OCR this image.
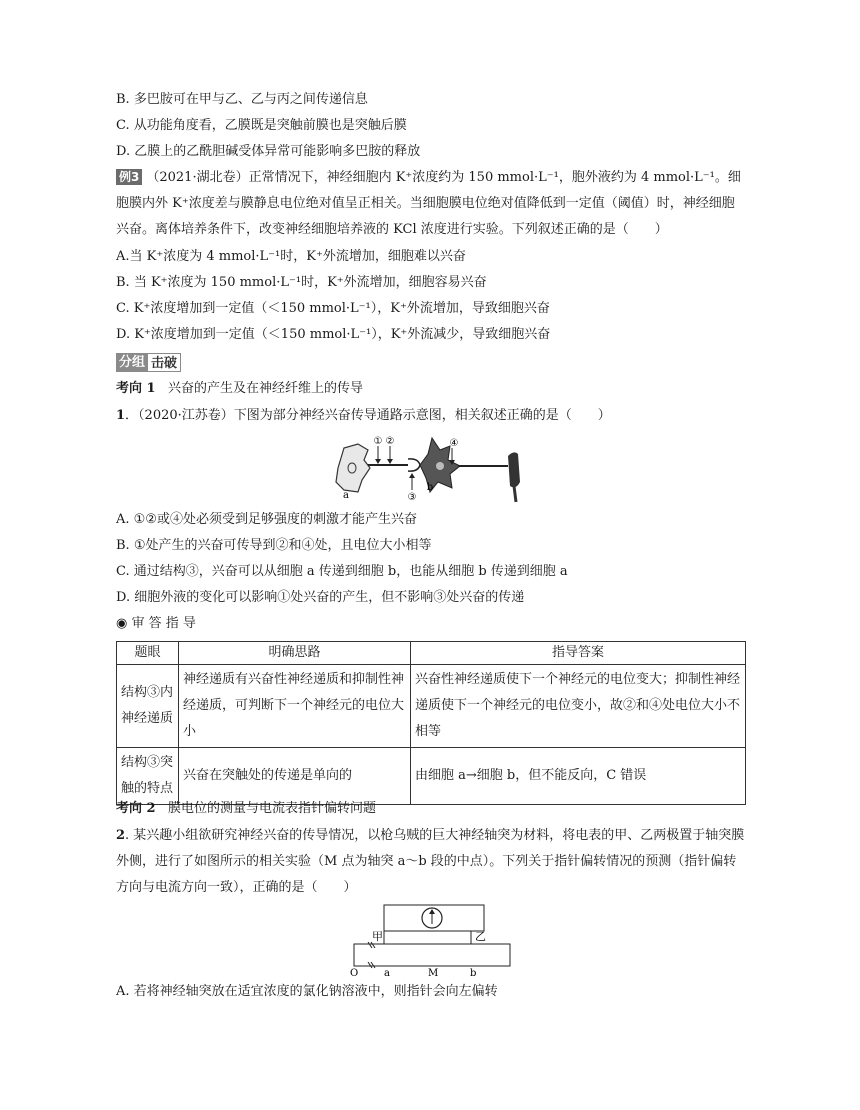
B. 多巴胺可在甲与乙、乙与丙之间传递信息
C. 从功能角度看，乙膜既是突触前膜也是突触后膜
D. 乙膜上的乙酰胆碱受体异常可能影响多巴胺的释放
例3 （2021·湖北卷）正常情况下，神经细胞内 K⁺浓度约为 150 mmol·L⁻¹，胞外液约为 4 mmol·L⁻¹。细胞膜内外 K⁺浓度差与膜静息电位绝对值呈正相关。当细胞膜电位绝对值降低到一定值（阈值）时，神经细胞兴奋。离体培养条件下，改变神经细胞培养液的 KCl 浓度进行实验。下列叙述正确的是（　　）
A.当 K⁺浓度为 4 mmol·L⁻¹时，K⁺外流增加，细胞难以兴奋
B. 当 K⁺浓度为 150 mmol·L⁻¹时，K⁺外流增加，细胞容易兴奋
C. K⁺浓度增加到一定值（＜150 mmol·L⁻¹），K⁺外流增加，导致细胞兴奋
D. K⁺浓度增加到一定值（＜150 mmol·L⁻¹），K⁺外流减少，导致细胞兴奋
分组 击破
考向 1 兴奋的产生及在神经纤维上的传导
1．（2020·江苏卷）下图为部分神经兴奋传导通路示意图，相关叙述正确的是（　　）
① ②
③
④
a
b
A. ①②或④处必须受到足够强度的刺激才能产生兴奋
B. ①处产生的兴奋可传导到②和④处，且电位大小相等
C. 通过结构③，兴奋可以从细胞 a 传递到细胞 b，也能从细胞 b 传递到细胞 a
D. 细胞外液的变化可以影响①处兴奋的产生，但不影响③处兴奋的传递
◉ 审 答 指 导
题眼	明确思路	指导答案
结构③内神经递质	神经递质有兴奋性神经递质和抑制性神经递质，可判断下一个神经元的电位大小	兴奋性神经递质使下一个神经元的电位变大；抑制性神经递质使下一个神经元的电位变小，故②和④处电位大小不相等
结构③突触的特点	兴奋在突触处的传递是单向的	由细胞 a→细胞 b，但不能反向，C 错误
考向 2 膜电位的测量与电流表指针偏转问题
2. 某兴趣小组欲研究神经兴奋的传导情况，以枪乌贼的巨大神经轴突为材料，将电表的甲、乙两极置于轴突膜外侧，进行了如图所示的相关实验（M 点为轴突 a～b 段的中点）。下列关于指针偏转情况的预测（指针偏转方向与电流方向一致），正确的是（　　）
甲	乙
O	a	M	b
A. 若将神经轴突放在适宜浓度的氯化钠溶液中，则指针会向左偏转
